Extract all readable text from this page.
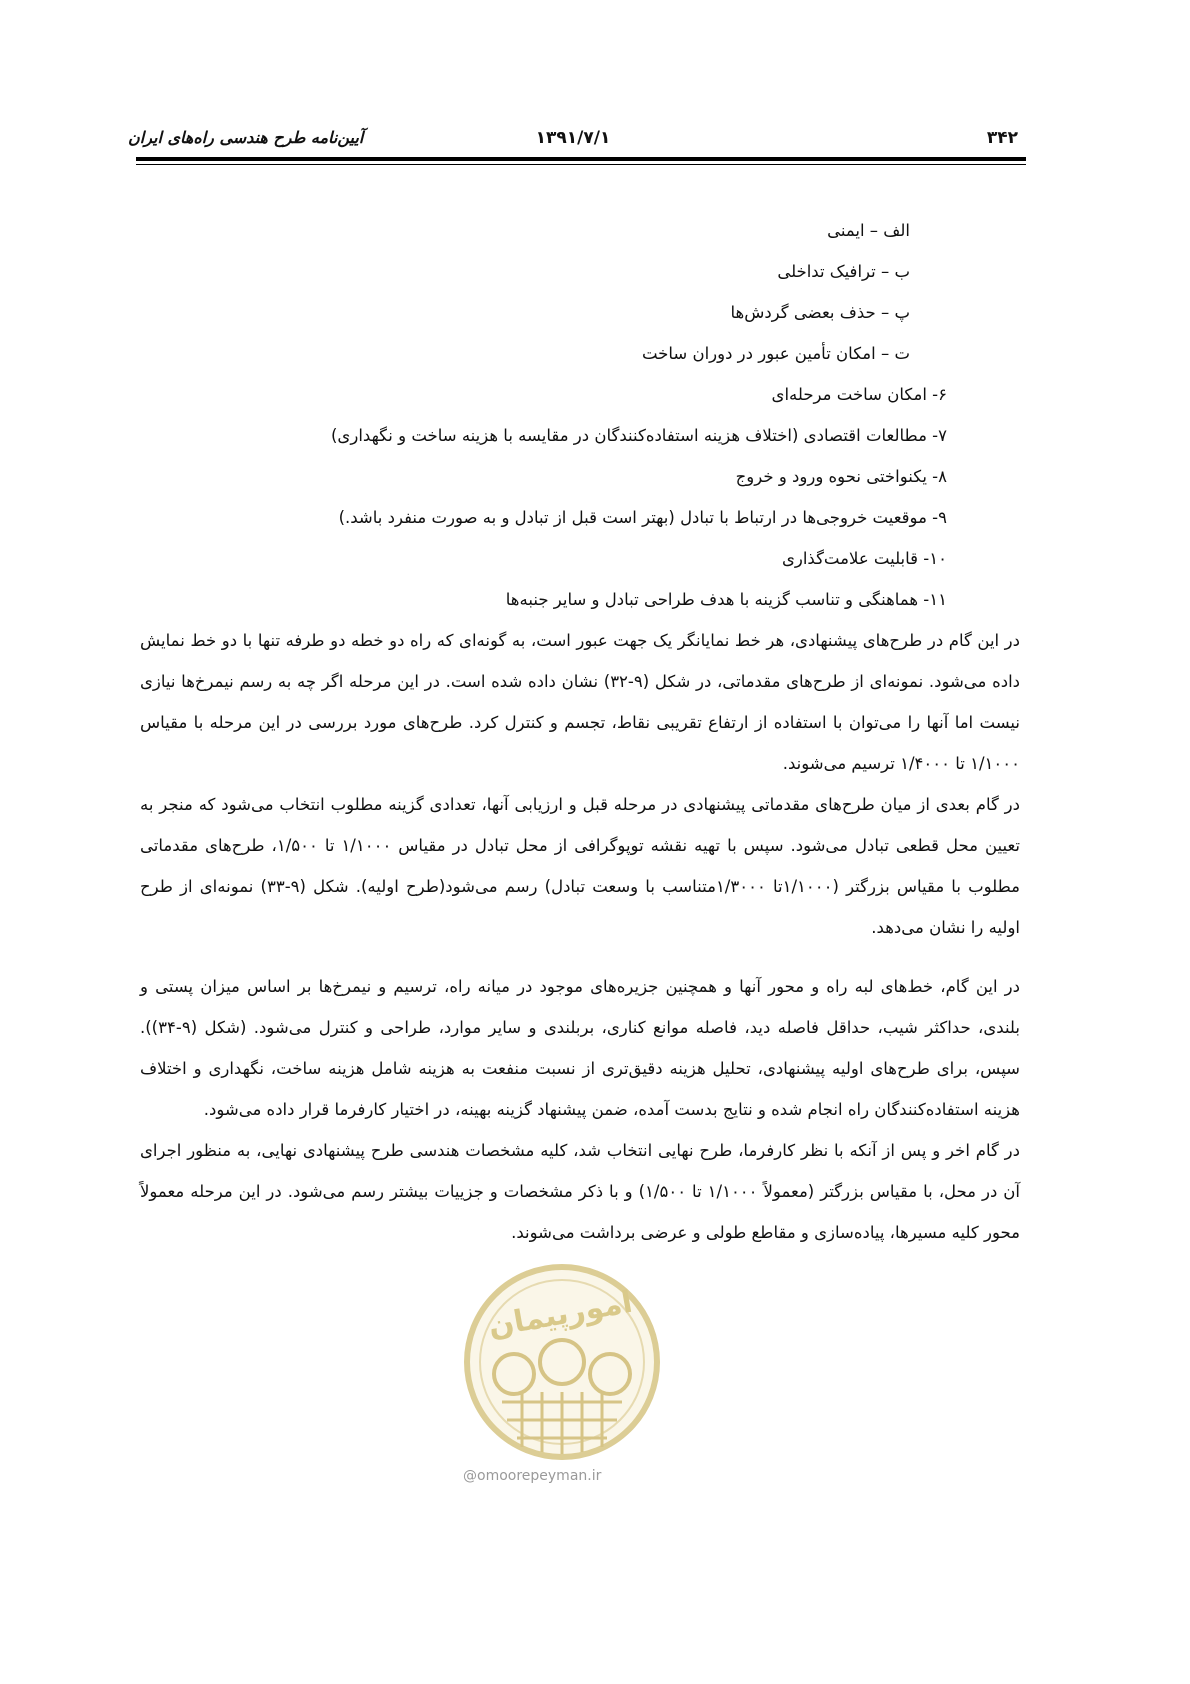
آیین‌نامه طرح هندسی راه‌های ایران	۱۳۹۱/۷/۱	۳۴۲
الف – ایمنی
ب – ترافیک تداخلی
پ – حذف بعضی گردش‌ها
ت – امکان تأمین عبور در دوران ساخت
۶- امکان ساخت مرحله‌ای
۷- مطالعات اقتصادی (اختلاف هزینه استفاده‌کنندگان در مقایسه با هزینه ساخت و نگهداری)
۸- یکنواختی نحوه ورود و خروج
۹- موقعیت خروجی‌ها در ارتباط با تبادل (بهتر است قبل از تبادل و به صورت منفرد باشد.)
۱۰- قابلیت علامت‌گذاری
۱۱- هماهنگی و تناسب گزینه با هدف طراحی تبادل و سایر جنبه‌ها

در این گام در طرح‌های پیشنهادی، هر خط نمایانگر یک جهت عبور است، به گونه‌ای که راه دو خطه دو طرفه تنها با دو خط نمایش داده می‌شود. نمونه‌ای از طرح‌های مقدماتی، در شکل (۹-۳۲) نشان داده شده است. در این مرحله اگر چه به رسم نیمرخ‌ها نیازی نیست اما آنها را می‌توان با استفاده از ارتفاع تقریبی نقاط، تجسم و کنترل کرد. طرح‌های مورد بررسی در این مرحله با مقیاس ۱/۱۰۰۰ تا ۱/۴۰۰۰ ترسیم می‌شوند.

در گام بعدی از میان طرح‌های مقدماتی پیشنهادی در مرحله قبل و ارزیابی آنها، تعدادی گزینه مطلوب انتخاب می‌شود که منجر به تعیین محل قطعی تبادل می‌شود. سپس با تهیه نقشه توپوگرافی از محل تبادل در مقیاس ۱/۱۰۰۰ تا ۱/۵۰۰، طرح‌های مقدماتی مطلوب با مقیاس بزرگتر (۱/۱۰۰۰تا ۱/۳۰۰۰متناسب با وسعت تبادل) رسم می‌شود(طرح اولیه). شکل (۹-۳۳) نمونه‌ای از طرح اولیه را نشان می‌دهد.

در این گام، خط‌های لبه راه و محور آنها و همچنین جزیره‌های موجود در میانه راه، ترسیم و نیمرخ‌ها بر اساس میزان پستی و بلندی، حداکثر شیب، حداقل فاصله دید، فاصله موانع کناری، بربلندی و سایر موارد، طراحی و کنترل می‌شود. (شکل (۹-۳۴)). سپس، برای طرح‌های اولیه پیشنهادی، تحلیل هزینه دقیق‌تری از نسبت منفعت به هزینه شامل هزینه ساخت، نگهداری و اختلاف هزینه استفاده‌کنندگان راه انجام شده و نتایج بدست آمده، ضمن پیشنهاد گزینه بهینه، در اختیار کارفرما قرار داده می‌شود.

در گام اخر و پس از آنکه با نظر کارفرما، طرح نهایی انتخاب شد، کلیه مشخصات هندسی طرح پیشنهادی نهایی، به منظور اجرای آن در محل، با مقیاس بزرگتر (معمولاً ۱/۱۰۰۰ تا ۱/۵۰۰) و با ذکر مشخصات و جزییات بیشتر رسم می‌شود. در این مرحله معمولاً محور کلیه مسیرها، پیاده‌سازی و مقاطع طولی و عرضی برداشت می‌شوند.

امورپیمان
@omoorepeyman.ir
